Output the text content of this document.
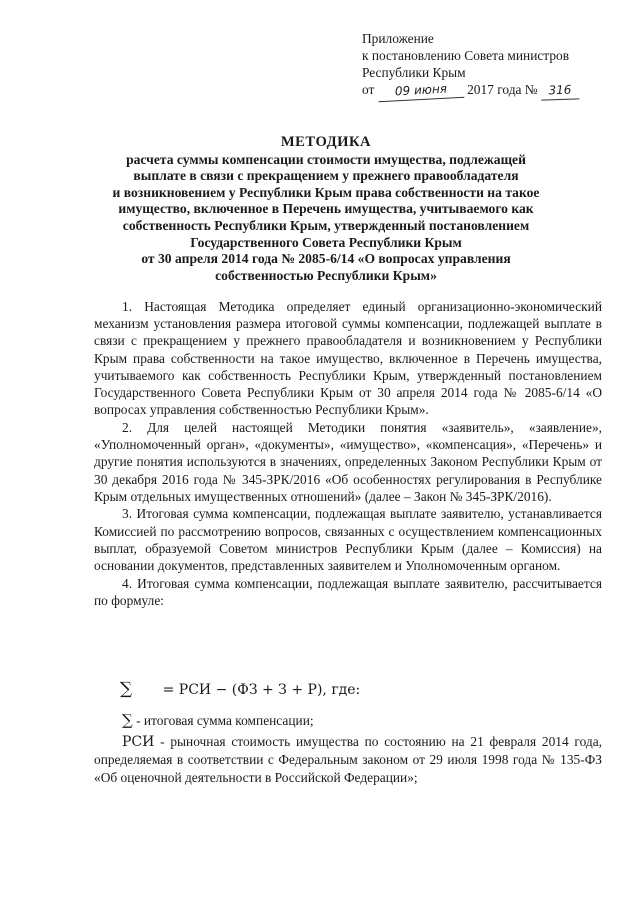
Приложение
к постановлению Совета министров
Республики Крым
от 09 июня 2017 года № 316
МЕТОДИКА
расчета суммы компенсации стоимости имущества, подлежащей
выплате в связи с прекращением у прежнего правообладателя
и возникновением у Республики Крым права собственности на такое
имущество, включенное в Перечень имущества, учитываемого как
собственность Республики Крым, утвержденный постановлением
Государственного Совета Республики Крым
от 30 апреля 2014 года № 2085-6/14 «О вопросах управления
собственностью Республики Крым»

1. Настоящая Методика определяет единый организационно-экономический механизм установления размера итоговой суммы компенсации, подлежащей выплате в связи с прекращением у прежнего правообладателя и возникновением у Республики Крым права собственности на такое имущество, включенное в Перечень имущества, учитываемого как собственность Республики Крым, утвержденный постановлением Государственного Совета Республики Крым от 30 апреля 2014 года № 2085-6/14 «О вопросах управления собственностью Республики Крым».

2. Для целей настоящей Методики понятия «заявитель», «заявление», «Уполномоченный орган», «документы», «имущество», «компенсация», «Перечень» и другие понятия используются в значениях, определенных Законом Республики Крым от 30 декабря 2016 года № 345-ЗРК/2016 «Об особенностях регулирования в Республике Крым отдельных имущественных отношений» (далее – Закон № 345-ЗРК/2016).

3. Итоговая сумма компенсации, подлежащая выплате заявителю, устанавливается Комиссией по рассмотрению вопросов, связанных с осуществлением компенсационных выплат, образуемой Советом министров Республики Крым (далее – Комиссия) на основании документов, представленных заявителем и Уполномоченным органом.

4. Итоговая сумма компенсации, подлежащая выплате заявителю, рассчитывается по формуле:

∑ = РСИ − (ФЗ + З + Р), где:

∑ - итоговая сумма компенсации;

РСИ - рыночная стоимость имущества по состоянию на 21 февраля 2014 года, определяемая в соответствии с Федеральным законом от 29 июля 1998 года № 135-ФЗ «Об оценочной деятельности в Российской Федерации»;
